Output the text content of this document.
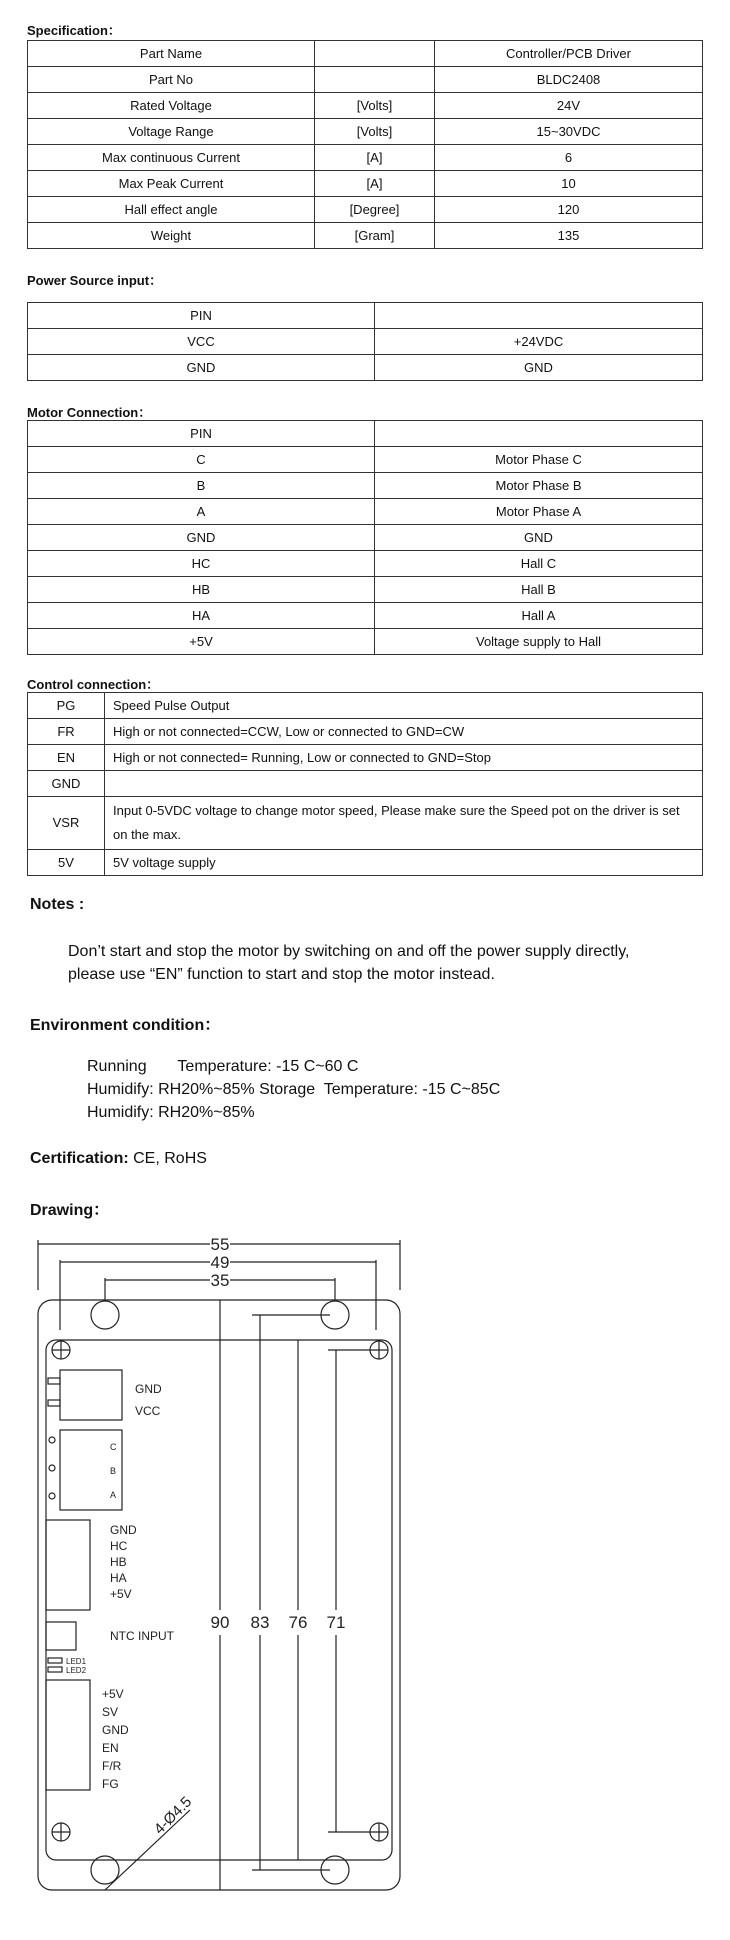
Specification：
Part Name		Controller/PCB Driver
Part No		BLDC2408
Rated Voltage	[Volts]	24V
Voltage Range	[Volts]	15~30VDC
Max continuous Current	[A]	6
Max Peak Current	[A]	10
Hall effect angle	[Degree]	120
Weight	[Gram]	135
Power Source input：
PIN	
VCC	+24VDC
GND	GND
Motor Connection：
PIN	
C	Motor Phase C
B	Motor Phase B
A	Motor Phase A
GND	GND
HC	Hall C
HB	Hall B
HA	Hall A
+5V	Voltage supply to Hall
Control connection：
PG	Speed Pulse Output
FR	High or not connected=CCW, Low or connected to GND=CW
EN	High or not connected= Running, Low or connected to GND=Stop
GND	
VSR	Input 0-5VDC voltage to change motor speed, Please make sure the Speed pot on the driver is set on the max.
5V	5V voltage supply
Notes :
Don’t start and stop the motor by switching on and off the power supply directly,
please use “EN” function to start and stop the motor instead.
Environment condition：
Running       Temperature: -15 C~60 C
Humidify: RH20%~85% Storage  Temperature: -15 C~85C
Humidify: RH20%~85%
Certification: CE, RoHS
Drawing：
55
49
35
90 83 76 71
4-Ø4.5
GND
VCC
C
B
A
GND
HC
HB
HA
+5V
NTC INPUT
LED1
LED2
+5V
SV
GND
EN
F/R
FG
